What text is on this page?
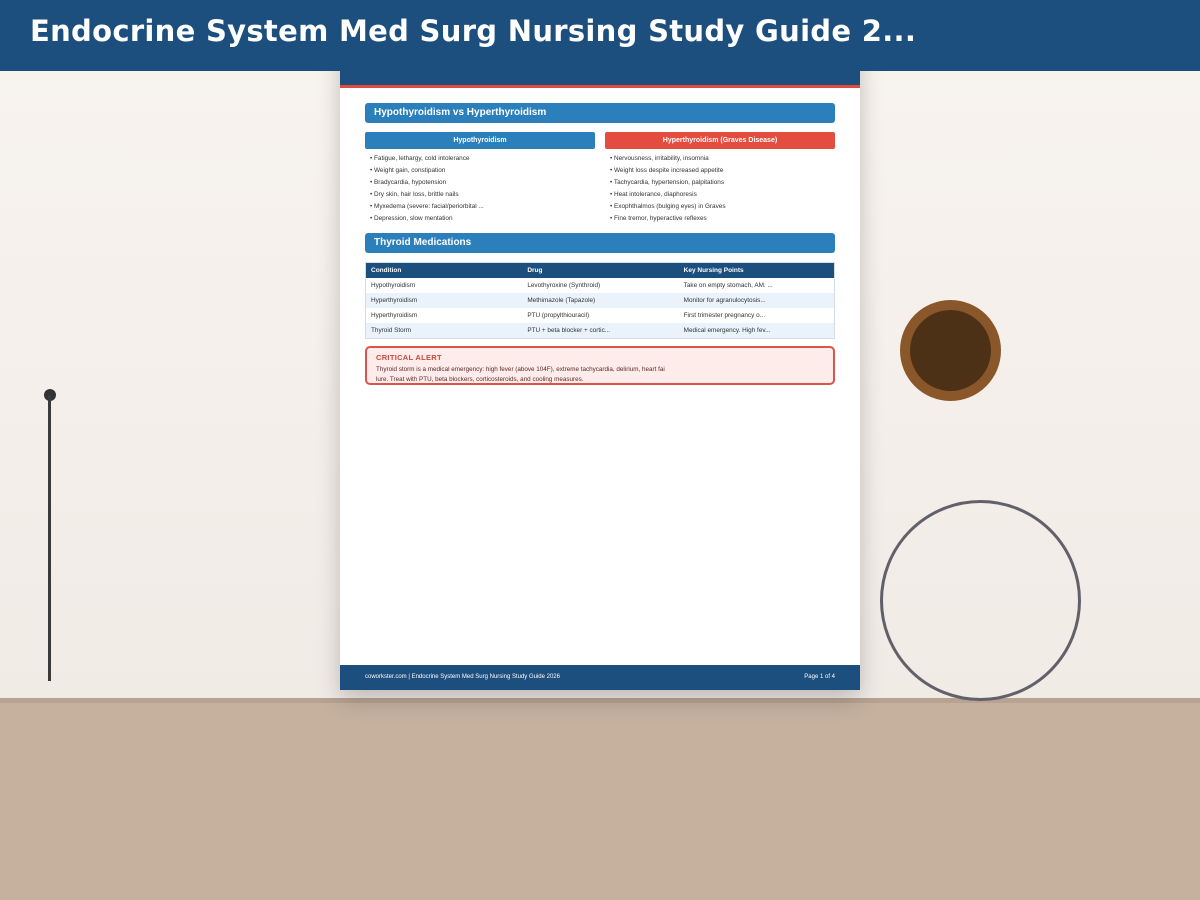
Hypothyroidism vs Hyperthyroidism
Hypothyroidism	Hyperthyroidism (Graves Disease)
• Fatigue, lethargy, cold intolerance
• Weight gain, constipation
• Bradycardia, hypotension
• Dry skin, hair loss, brittle nails
• Myxedema (severe: facial/periorbital ...
• Depression, slow mentation
• Nervousness, irritability, insomnia
• Weight loss despite increased appetite
• Tachycardia, hypertension, palpitations
• Heat intolerance, diaphoresis
• Exophthalmos (bulging eyes) in Graves
• Fine tremor, hyperactive reflexes
Thyroid Medications
Condition	Drug	Key Nursing Points
Hypothyroidism	Levothyroxine (Synthroid)	Take on empty stomach, AM. ...
Hyperthyroidism	Methimazole (Tapazole)	Monitor for agranulocytosis...
Hyperthyroidism	PTU (propylthiouracil)	First trimester pregnancy o...
Thyroid Storm	PTU + beta blocker + cortic...	Medical emergency. High fev...
CRITICAL ALERT
Thyroid storm is a medical emergency: high fever (above 104F), extreme tachycardia, delirium, heart failure. Treat with PTU, beta blockers, corticosteroids, and cooling measures.
coworkster.com | Endocrine System Med Surg Nursing Study Guide 2026	Page 1 of 4
Endocrine System Med Surg Nursing Study Guide 2...
